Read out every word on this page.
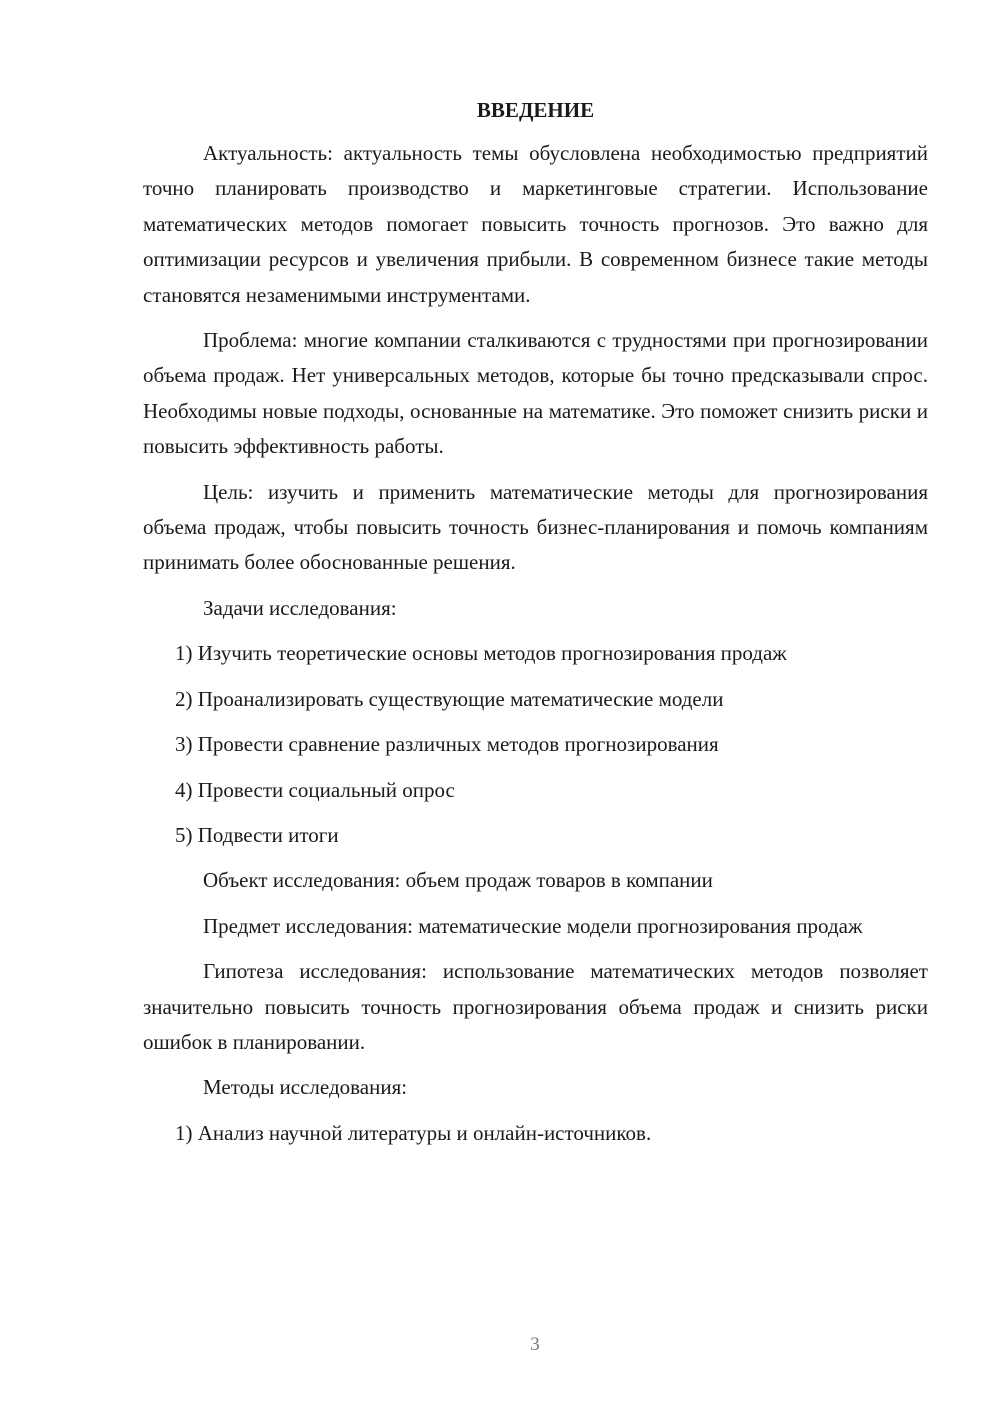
ВВЕДЕНИЕ

Актуальность: актуальность темы обусловлена необходимостью предприятий точно планировать производство и маркетинговые стратегии. Использование математических методов помогает повысить точность прогнозов. Это важно для оптимизации ресурсов и увеличения прибыли. В современном бизнесе такие методы становятся незаменимыми инструментами.

Проблема: многие компании сталкиваются с трудностями при прогнозировании объема продаж. Нет универсальных методов, которые бы точно предсказывали спрос. Необходимы новые подходы, основанные на математике. Это поможет снизить риски и повысить эффективность работы.

Цель: изучить и применить математические методы для прогнозирования объема продаж, чтобы повысить точность бизнес-планирования и помочь компаниям принимать более обоснованные решения.

Задачи исследования:
1) Изучить теоретические основы методов прогнозирования продаж
2) Проанализировать существующие математические модели
3) Провести сравнение различных методов прогнозирования
4) Провести социальный опрос
5) Подвести итоги
Объект исследования: объем продаж товаров в компании

Предмет исследования: математические модели прогнозирования продаж

Гипотеза исследования: использование математических методов позволяет значительно повысить точность прогнозирования объема продаж и снизить риски ошибок в планировании.

Методы исследования:
1) Анализ научной литературы и онлайн-источников.
3
